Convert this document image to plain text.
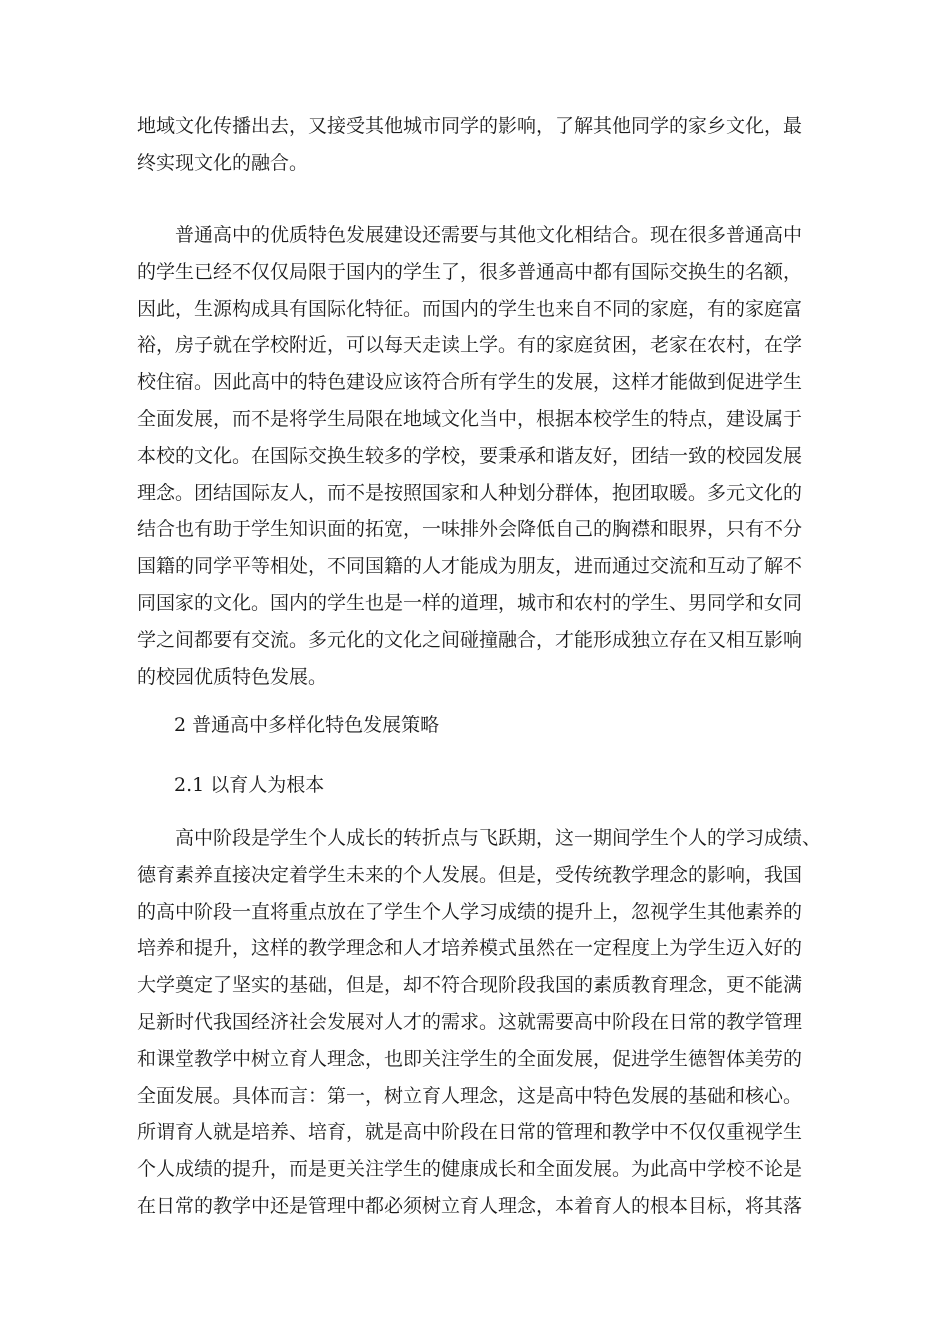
地域文化传播出去，又接受其他城市同学的影响，了解其他同学的家乡文化，最
终实现文化的融合。
　　普通高中的优质特色发展建设还需要与其他文化相结合。现在很多普通高中
的学生已经不仅仅局限于国内的学生了，很多普通高中都有国际交换生的名额，
因此，生源构成具有国际化特征。而国内的学生也来自不同的家庭，有的家庭富
裕，房子就在学校附近，可以每天走读上学。有的家庭贫困，老家在农村，在学
校住宿。因此高中的特色建设应该符合所有学生的发展，这样才能做到促进学生
全面发展，而不是将学生局限在地域文化当中，根据本校学生的特点，建设属于
本校的文化。在国际交换生较多的学校，要秉承和谐友好，团结一致的校园发展
理念。团结国际友人，而不是按照国家和人种划分群体，抱团取暖。多元文化的
结合也有助于学生知识面的拓宽，一味排外会降低自己的胸襟和眼界，只有不分
国籍的同学平等相处，不同国籍的人才能成为朋友，进而通过交流和互动了解不
同国家的文化。国内的学生也是一样的道理，城市和农村的学生、男同学和女同
学之间都要有交流。多元化的文化之间碰撞融合，才能形成独立存在又相互影响
的校园优质特色发展。
2 普通高中多样化特色发展策略
2.1 以育人为根本
　　高中阶段是学生个人成长的转折点与飞跃期，这一期间学生个人的学习成绩、
德育素养直接决定着学生未来的个人发展。但是，受传统教学理念的影响，我国
的高中阶段一直将重点放在了学生个人学习成绩的提升上，忽视学生其他素养的
培养和提升，这样的教学理念和人才培养模式虽然在一定程度上为学生迈入好的
大学奠定了坚实的基础，但是，却不符合现阶段我国的素质教育理念，更不能满
足新时代我国经济社会发展对人才的需求。这就需要高中阶段在日常的教学管理
和课堂教学中树立育人理念，也即关注学生的全面发展，促进学生德智体美劳的
全面发展。具体而言：第一，树立育人理念，这是高中特色发展的基础和核心。
所谓育人就是培养、培育，就是高中阶段在日常的管理和教学中不仅仅重视学生
个人成绩的提升，而是更关注学生的健康成长和全面发展。为此高中学校不论是
在日常的教学中还是管理中都必须树立育人理念，本着育人的根本目标，将其落
